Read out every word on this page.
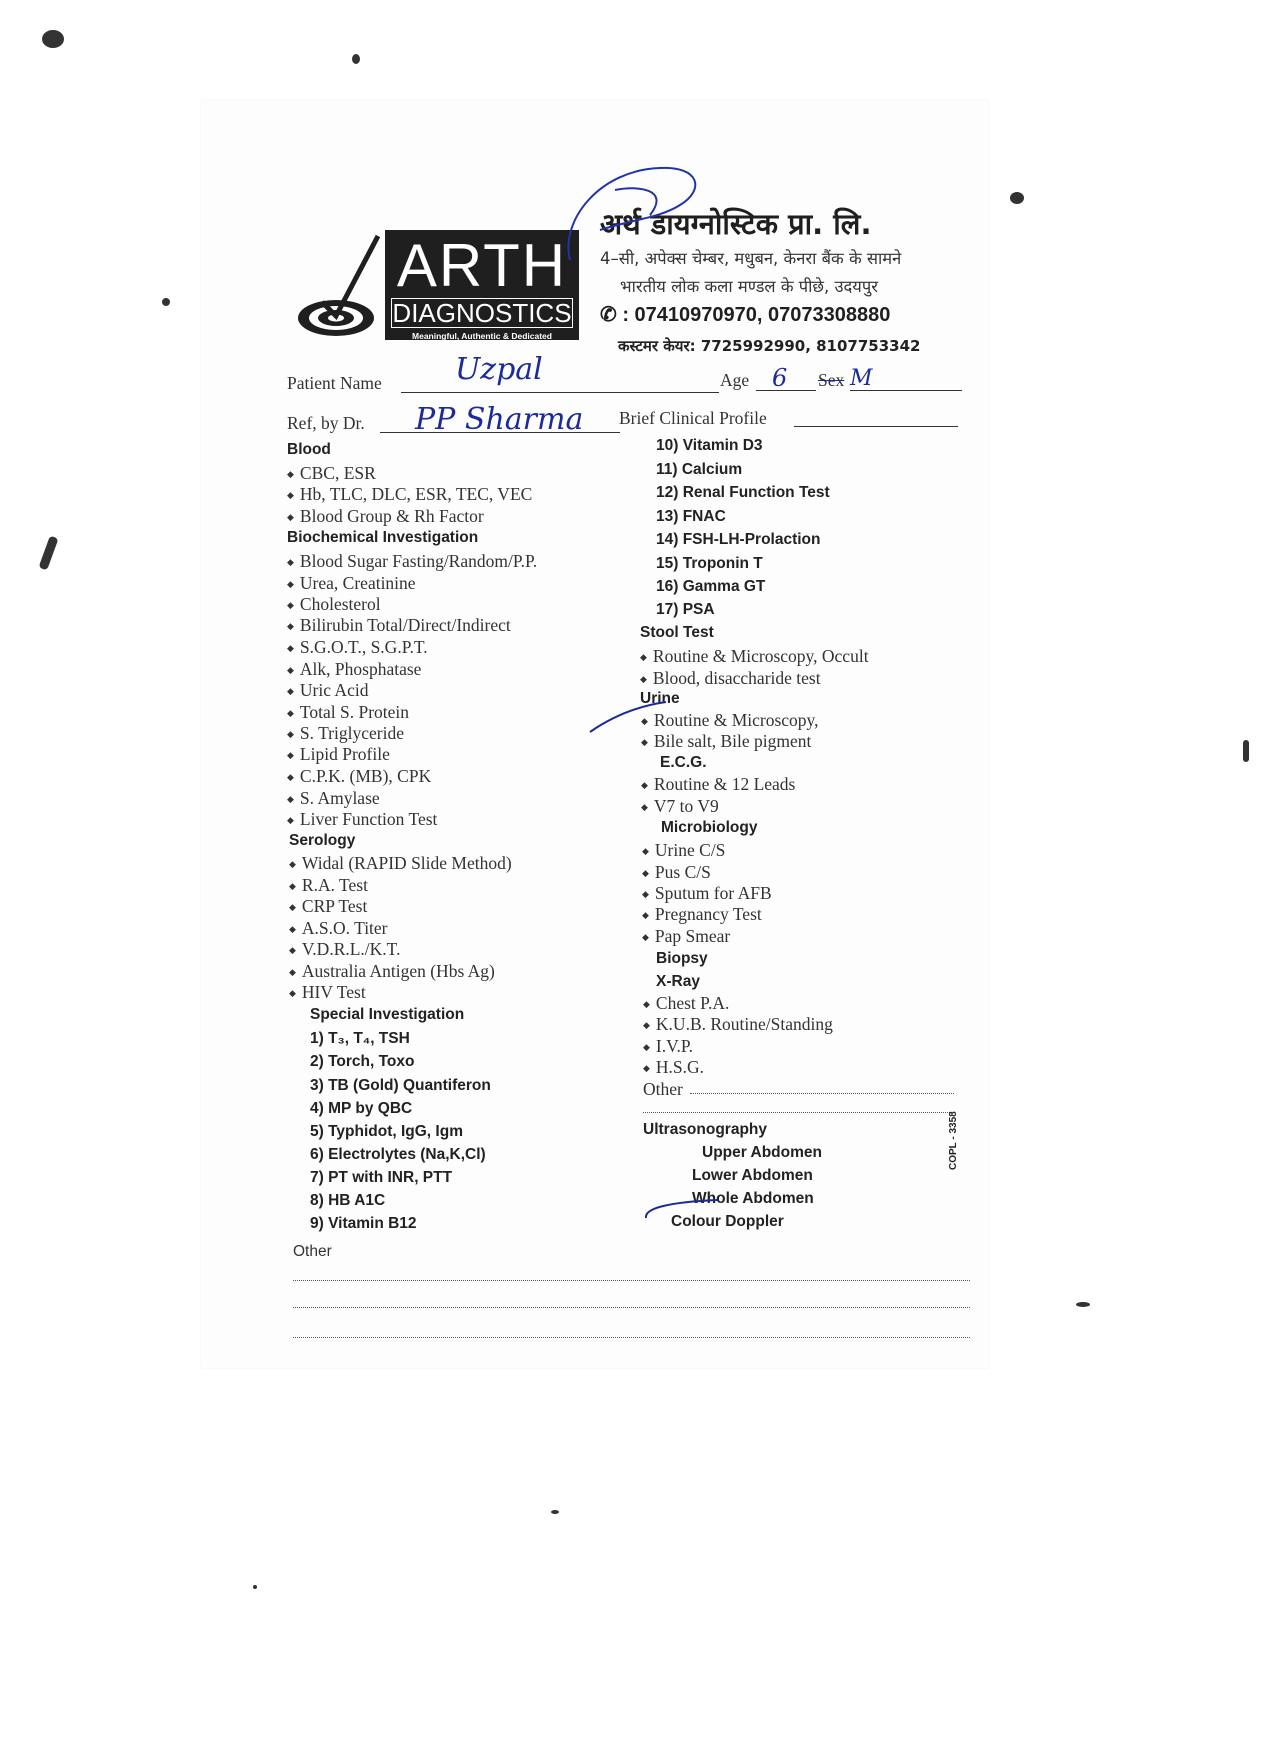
ARTH
DIAGNOSTICS
Meaningful, Authentic & Dedicated
अर्थ डायग्नोस्टिक प्रा. लि.
4–सी, अपेक्स चेम्बर, मधुबन, केनरा बैंक के सामने
भारतीय लोक कला मण्डल के पीछे, उदयपुर
✆ : 07410970970, 07073308880
कस्टमर केयर: 7725992990, 8107753342
Patient Name Uzpal	Age 6 Sex M
Ref, by Dr. PP Sharma Brief Clinical Profile
Blood
◆ CBC, ESR
◆ Hb, TLC, DLC, ESR, TEC, VEC
◆ Blood Group & Rh Factor
Biochemical Investigation
◆ Blood Sugar Fasting/Random/P.P.
◆ Urea, Creatinine
◆ Cholesterol
◆ Bilirubin Total/Direct/Indirect
◆ S.G.O.T., S.G.P.T.
◆ Alk, Phosphatase
◆ Uric Acid
◆ Total S. Protein
◆ S. Triglyceride
◆ Lipid Profile
◆ C.P.K. (MB), CPK
◆ S. Amylase
◆ Liver Function Test
Serology
◆ Widal (RAPID Slide Method)
◆ R.A. Test
◆ CRP Test
◆ A.S.O. Titer
◆ V.D.R.L./K.T.
◆ Australia Antigen (Hbs Ag)
◆ HIV Test
Special Investigation
1) T₃, T₄, TSH
2) Torch, Toxo
3) TB (Gold) Quantiferon
4) MP by QBC
5) Typhidot, IgG, Igm
6) Electrolytes (Na,K,Cl)
7) PT with INR, PTT
8) HB A1C
9) Vitamin B12
Other
10) Vitamin D3
11) Calcium
12) Renal Function Test
13) FNAC
14) FSH-LH-Prolaction
15) Troponin T
16) Gamma GT
17) PSA
Stool Test
◆ Routine & Microscopy, Occult
◆ Blood, disaccharide test
Urine
◆ Routine & Microscopy,
◆ Bile salt, Bile pigment
E.C.G.
◆ Routine & 12 Leads
◆ V7 to V9
Microbiology
◆ Urine C/S
◆ Pus C/S
◆ Sputum for AFB
◆ Pregnancy Test
◆ Pap Smear
Biopsy
X-Ray
◆ Chest P.A.
◆ K.U.B. Routine/Standing
◆ I.V.P.
◆ H.S.G.
Other
Ultrasonography
Upper Abdomen
Lower Abdomen
Whole Abdomen
Colour Doppler
COPL - 3358
